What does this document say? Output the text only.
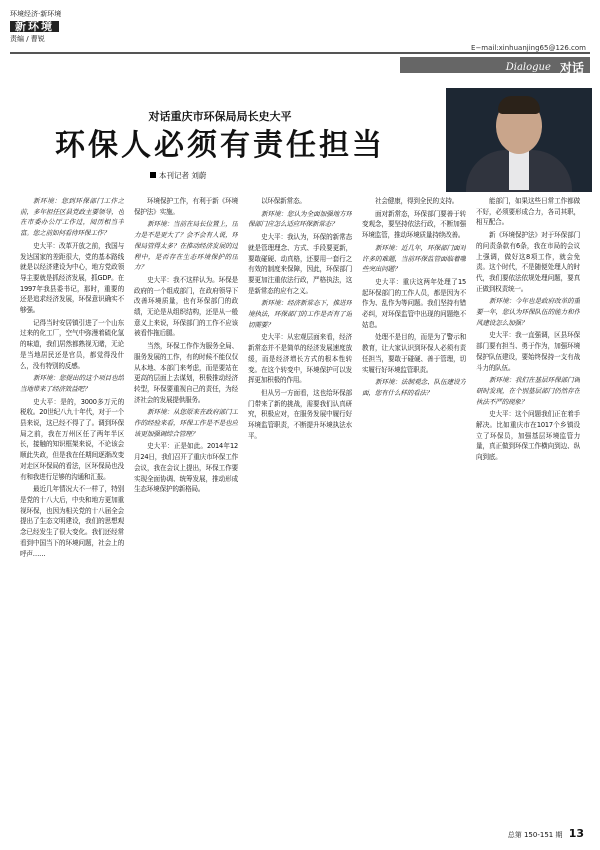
环境经济·新环境
新环境
责编 / 曹锐
E−mail:xinhuanjing65@126.com
Dialogue 对话
对话重庆市环保局局长史大平
环保人必须有责任担当
本刊记者 刘蔚

新环境：您到环保部门工作之前，多年担任区县党政主要领导，也在市委办公厅工作过，阅历相当丰富。您之前如何看待环保工作？

史大平：改革开放之前，我国与发达国家的差距很大，党的基本路线就是以经济建设为中心，地方党政领导主要就是抓经济发展，抓GDP。在1997年我县委书记，那时，重要的还是追求经济发展，环保意识确实不够强。

记得当时安居镇引进了一个山东过来的化工厂，空气中弥漫着硫化氢的味道，我们居然都熟视无睹，无论是当地居民还是官员，都觉得没什么，没有特别的反感。

新环境：您提出的这个项目也给当地带来了经济效益吧？

史大平：是的，3000多万元的税收。20世纪八九十年代，对于一个县来说，这已经不得了了。调到环保局之前，我在万州区任了两年半区长，接触的知识框架来说，不论该会顺此失政，但是我在任期间逐渐改变对走区环保局的看法，区环保局也没有和我进行足够的沟通和汇报。

最近几年情况大不一样了，特别是党的十八大后，中央和地方更加重视环保，也因为相关党的十八届全会提出了生态文明建设，我们的思想观念已经发生了很大变化。我们还经常看到中国当下的环境问题，社会上的呼声……

环境保护工作，有利于新《环境保护法》实施。

新环境：当前在局长位置上，压力是不是更大了？会不会有人说，环保局管得太多？在推动经济发展的过程中，是否存在生态环境保护的压力？

史大平：我不这样认为。环保是政府的一个组成部门，在政府领导下改善环境质量，也有环保部门的政绩，无论是从组织结构，还是从一般意义上来说，环保部门的工作不应该被看作拖后腿。

当然，环保工作作为服务全局、服务发展的工作，有的时候不能仅仅从本地、本部门来考虑，而是要站在更高的层面上去谋划，积极推动经济转型，环保要重视自己的责任，为经济社会的发展提供服务。

新环境：从您原来在政府部门工作的经验来看，环保工作是不是也应该更加强调综合管理？

史大平：正是如此。2014年12月24日，我们召开了重庆市环保工作会议，我在会议上提出，环保工作要实现全面协调、统筹发展，推动形成生态环境保护的新格局。

以环保新常态。

新环境：您认为全面加强地方环保部门应怎么适应环保新常态？

史大平：我认为，环保的新常态就是管理理念、方式、手段要更新，要敢碰硬、动真格，还要用一套行之有效的制度来保障，因此，环保部门要更加注重依法行政，严格执法，这是新常态的应有之义。

新环境：经济新常态下，推进环境执法，环保部门的工作是否有了迫切需要？

史大平：从宏观层面来看，经济新常态并不是简单的经济发展速度放缓，而是经济增长方式的根本性转变。在这个转变中，环境保护可以发挥更加积极的作用。

但从另一方面看，这也给环保部门带来了新的挑战，需要我们认真研究，积极应对，在服务发展中履行好环境监管职责，不断提升环境执法水平。

社会健康，得到全民的支持。

面对新常态，环保部门要善于转变观念，要坚持依法行政，不断加强环境监管，推动环境质量持续改善。

新环境：近几年，环保部门面对许多的难题，当前环保监管面临着哪些突出问题？

史大平：重庆这两年处理了15起环保部门的工作人员，都是因为不作为、乱作为等问题。我们坚持有错必纠，对环保监管中出现的问题绝不姑息。

处理不是目的，而是为了警示和教育，让大家认识到环保人必须有责任担当，要敢于碰硬、善于管理，切实履行好环境监管职责。

新环境：法制观念、队伍建设方面，您有什么样的看法？

能部门，如果这些日常工作都做不好，必须要形成合力，各司其职，相互配合。

新《环境保护法》对于环保部门的问责条款有6条，我在市局的会议上强调，做好这8项工作，就会免责。这个时代，不是随便处理人的时代，我们要依法依规处理问题，要真正做到权责统一。

新环境：今年也是政府改革的重要一年，您认为环保队伍的能力和作风建设怎么加强？

史大平：我一直强调，区县环保部门要有担当、勇于作为，加强环境保护队伍建设，要始终保持一支有战斗力的队伍。

新环境：我们在基层环保部门调研时发现，在个别基层部门仍然存在执法不严的现象？

史大平：这个问题我们正在着手解决。比如重庆市在1017个乡镇设立了环保员，加强基层环境监管力量，真正做到环保工作横向到边、纵向到底。

总第 150-151 期 13
